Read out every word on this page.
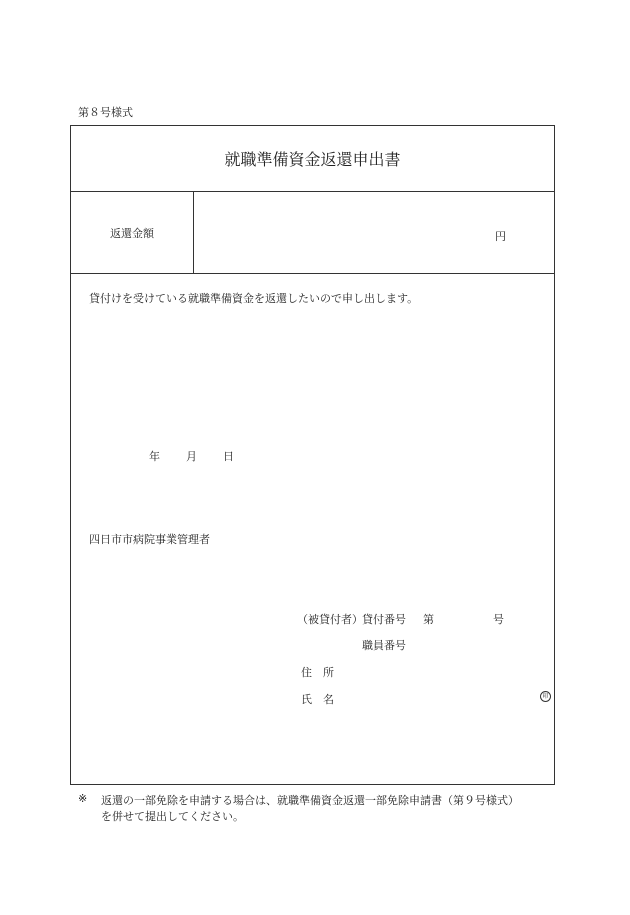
第８号様式
就職準備資金返還申出書
返還金額	円
貸付けを受けている就職準備資金を返還したいので申し出します。
年 月 日
四日市市病院事業管理者
（被貸付者） 貸付番号 第	号
職員番号
住　所
氏　名	印
※ 返還の一部免除を申請する場合は、就職準備資金返還一部免除申請書（第９号様式）
を併せて提出してください。
